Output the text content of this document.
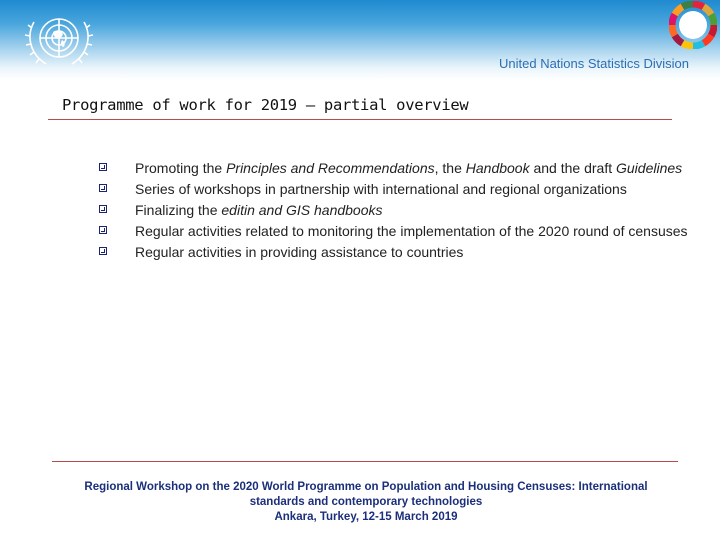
United Nations Statistics Division
Programme of work for 2019 – partial overview
Promoting the Principles and Recommendations, the Handbook and the draft Guidelines
Series of workshops in partnership with international and regional organizations
Finalizing the editin and GIS handbooks
Regular activities related to monitoring the implementation of the 2020 round of censuses
Regular activities in providing assistance to countries
Regional Workshop on the 2020 World Programme on Population and Housing Censuses: International
standards and contemporary technologies
Ankara, Turkey, 12-15 March 2019
